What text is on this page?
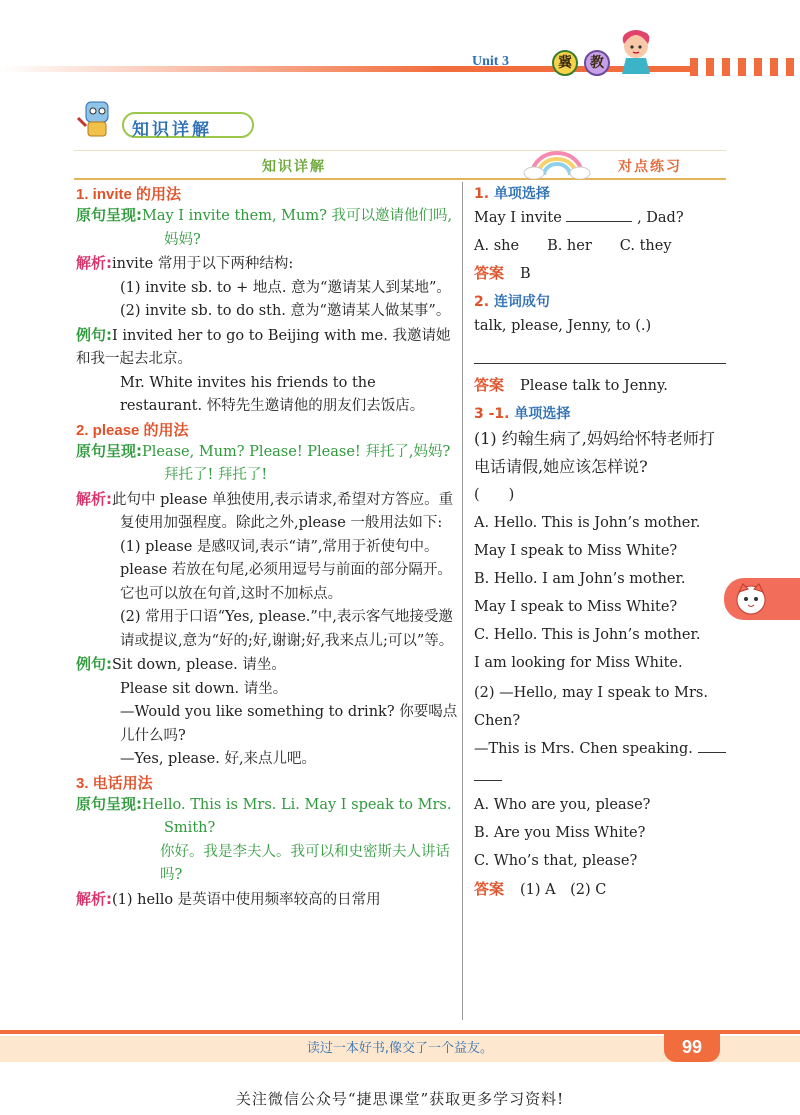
Unit 3	冀	教
知识详解
知识详解	对点练习
1. invite 的用法
原句呈现:May I invite them, Mum? 我可以邀请他们吗,妈妈?
解析:invite 常用于以下两种结构:
(1) invite sb. to + 地点. 意为“邀请某人到某地”。
(2) invite sb. to do sth. 意为“邀请某人做某事”。
例句:I invited her to go to Beijing with me. 我邀请她和我一起去北京。
Mr. White invites his friends to the restaurant. 怀特先生邀请他的朋友们去饭店。
2. please 的用法
原句呈现:Please, Mum? Please! Please! 拜托了,妈妈? 拜托了! 拜托了!
解析:此句中 please 单独使用,表示请求,希望对方答应。重复使用加强程度。除此之外,please 一般用法如下:
(1) please 是感叹词,表示“请”,常用于祈使句中。please 若放在句尾,必须用逗号与前面的部分隔开。它也可以放在句首,这时不加标点。
(2) 常用于口语“Yes, please.”中,表示客气地接受邀请或提议,意为“好的;好,谢谢;好,我来点儿;可以”等。
例句:Sit down, please. 请坐。
Please sit down. 请坐。
—Would you like something to drink? 你要喝点儿什么吗?
—Yes, please. 好,来点儿吧。
3. 电话用法
原句呈现:Hello. This is Mrs. Li. May I speak to Mrs. Smith?
你好。我是李夫人。我可以和史密斯夫人讲话吗?
解析:(1) hello 是英语中使用频率较高的日常用
1. 单项选择
May I invite	, Dad?
A. she B. her C. they
答案 B
2. 连词成句
talk, please, Jenny, to (.)
答案 Please talk to Jenny.
3 -1. 单项选择
(1) 约翰生病了,妈妈给怀特老师打电话请假,她应该怎样说?
(　　)
A. Hello. This is John’s mother.
May I speak to Miss White?
B. Hello. I am John’s mother.
May I speak to Miss White?
C. Hello. This is John’s mother.
I am looking for Miss White.
(2) —Hello, may I speak to Mrs. Chen?
—This is Mrs. Chen speaking.
A. Who are you, please?
B. Are you Miss White?
C. Who’s that, please?
答案 (1) A　(2) C
读过一本好书,像交了一个益友。	99
关注微信公众号“捷思课堂”获取更多学习资料!
